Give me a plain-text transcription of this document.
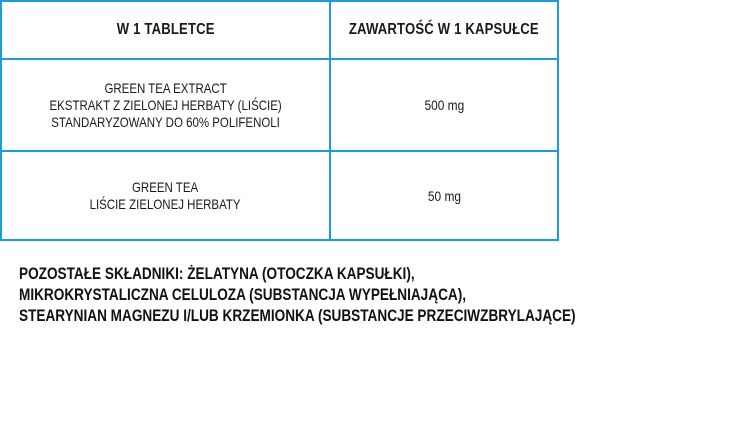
W 1 TABLETCE	ZAWARTOŚĆ W 1 KAPSUŁCE
GREEN TEA EXTRACT
EKSTRAKT Z ZIELONEJ HERBATY (LIŚCIE)
STANDARYZOWANY DO 60% POLIFENOLI
500 mg
GREEN TEA
LIŚCIE ZIELONEJ HERBATY	50 mg
POZOSTAŁE SKŁADNIKI: ŻELATYNA (OTOCZKA KAPSUŁKI),
MIKROKRYSTALICZNA CELULOZA (SUBSTANCJA WYPEŁNIAJĄCA),
STEARYNIAN MAGNEZU I/LUB KRZEMIONKA (SUBSTANCJE PRZECIWZBRYLAJĄCE)
